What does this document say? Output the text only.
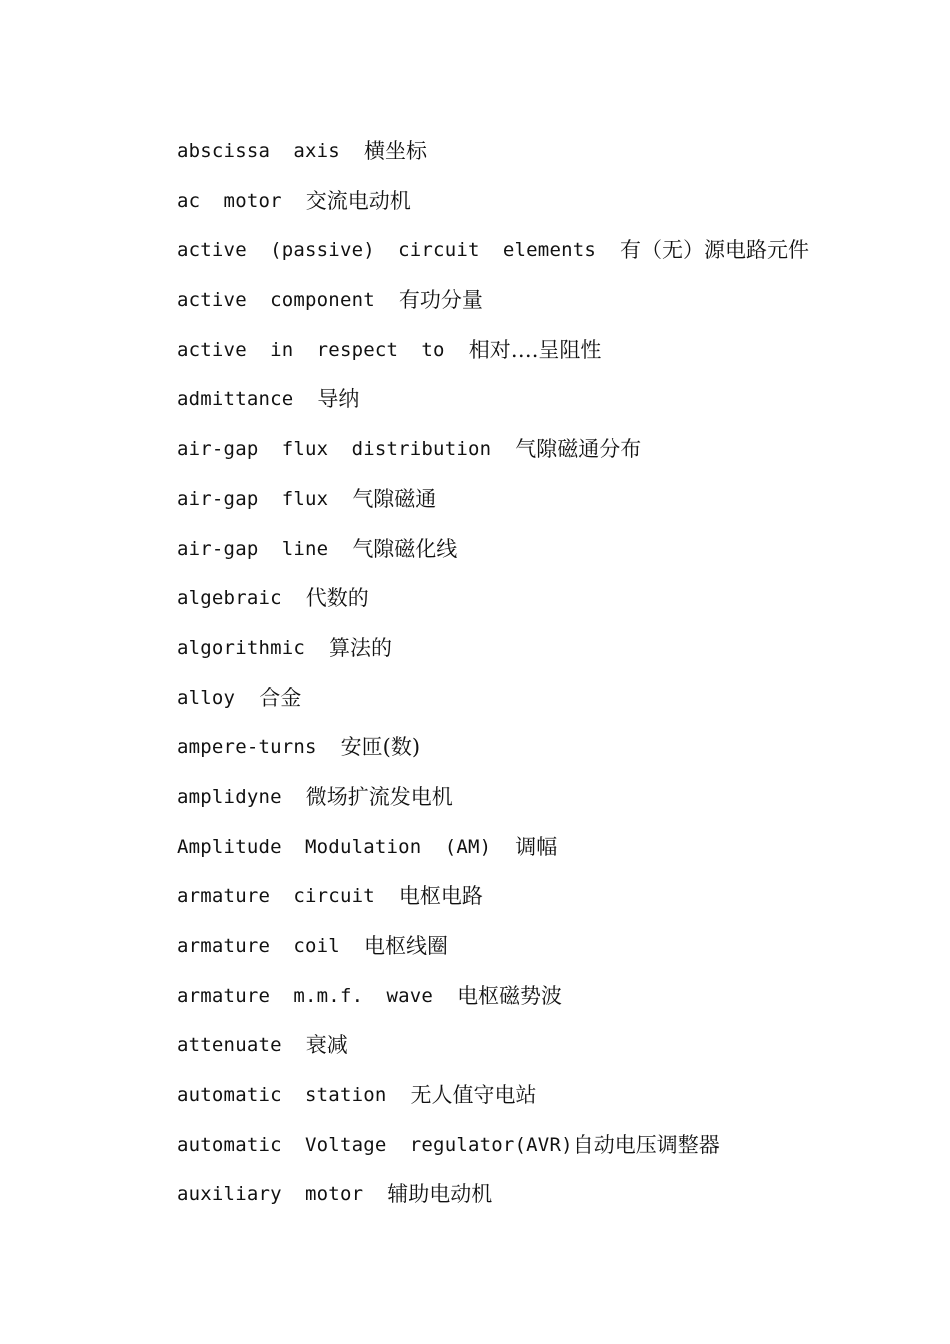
abscissa  axis 横坐标
ac  motor 交流电动机
active  (passive)  circuit  elements 有（无）源电路元件
active  component 有功分量
active  in  respect  to 相对….呈阻性
admittance 导纳
air-gap  flux  distribution 气隙磁通分布
air-gap  flux 气隙磁通
air-gap  line 气隙磁化线
algebraic 代数的
algorithmic 算法的
alloy 合金
ampere-turns 安匝(数)
amplidyne 微场扩流发电机
Amplitude  Modulation  (AM) 调幅
armature  circuit 电枢电路
armature  coil 电枢线圈
armature  m.m.f.  wave 电枢磁势波
attenuate 衰减
automatic  station 无人值守电站
automatic  Voltage  regulator(AVR) 自动电压调整器
auxiliary  motor 辅助电动机
